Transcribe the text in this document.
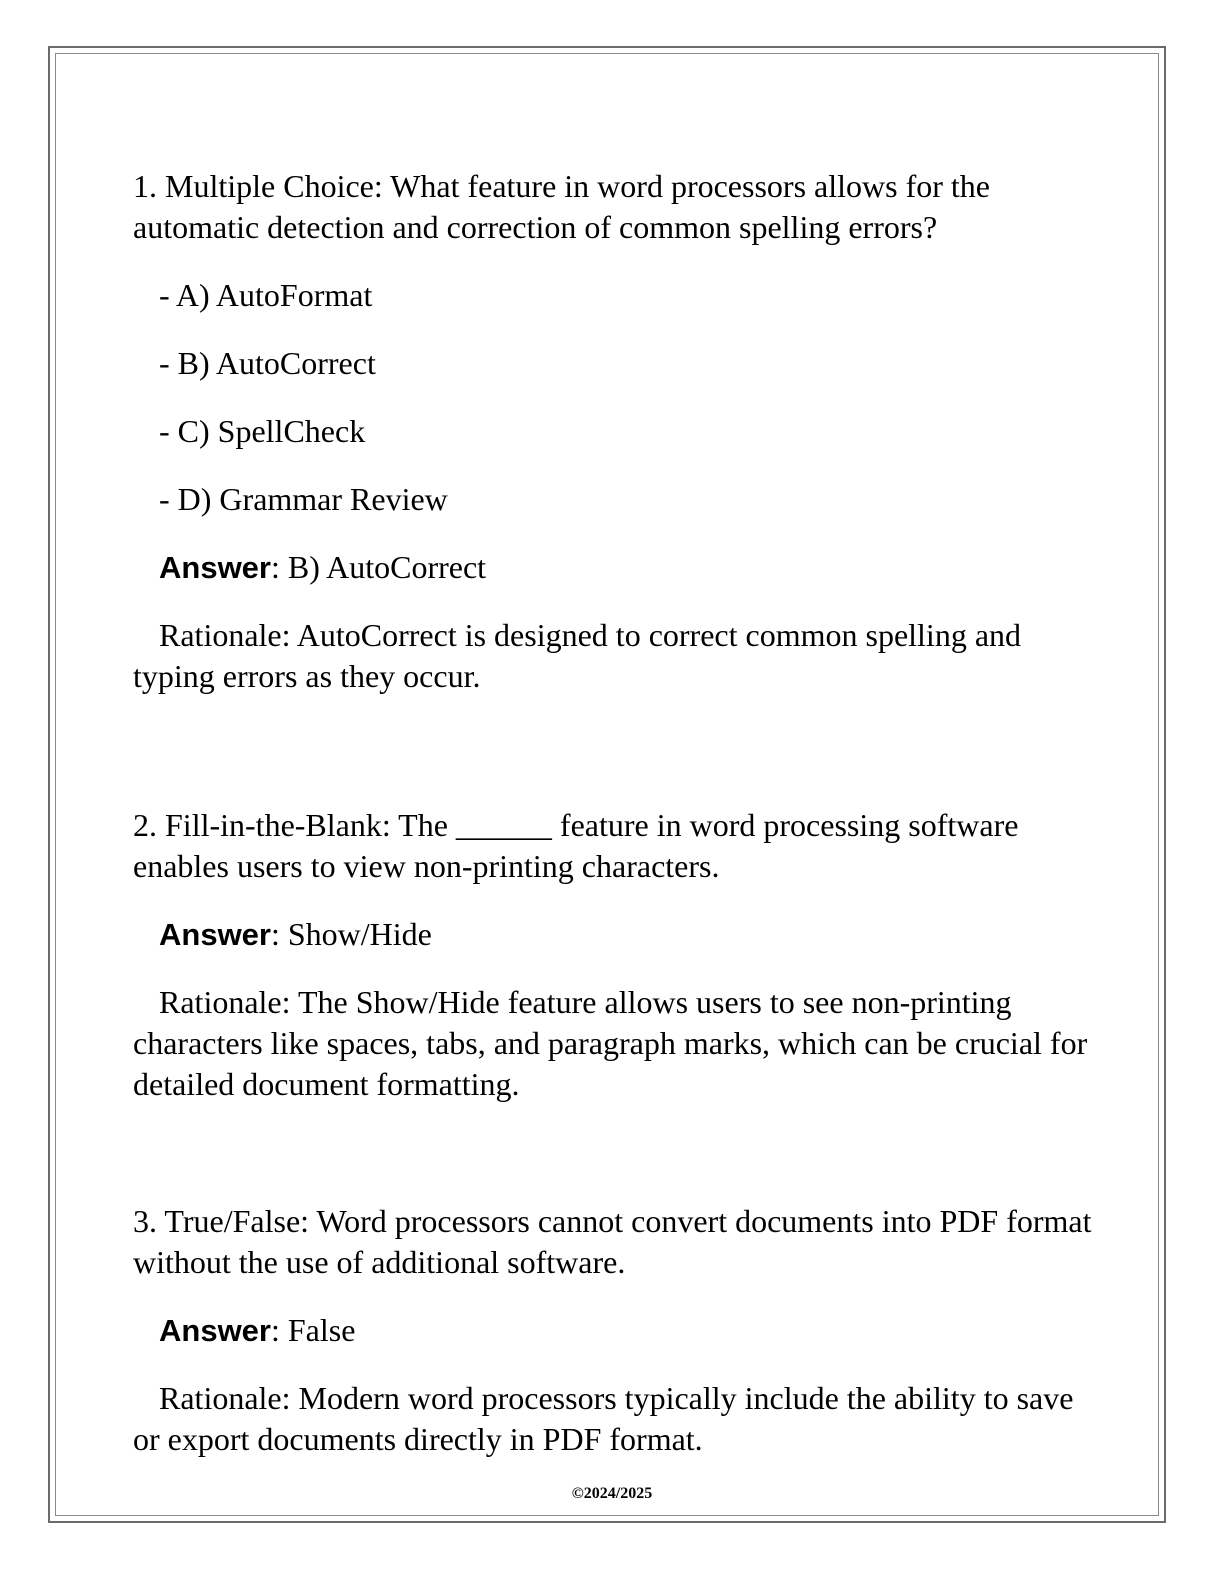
1. Multiple Choice: What feature in word processors allows for the automatic detection and correction of common spelling errors?

- A) AutoFormat

- B) AutoCorrect

- C) SpellCheck

- D) Grammar Review

Answer: B) AutoCorrect

Rationale: AutoCorrect is designed to correct common spelling and typing errors as they occur.

2. Fill-in-the-Blank: The ______ feature in word processing software enables users to view non-printing characters.

Answer: Show/Hide

Rationale: The Show/Hide feature allows users to see non-printing characters like spaces, tabs, and paragraph marks, which can be crucial for detailed document formatting.

3. True/False: Word processors cannot convert documents into PDF format without the use of additional software.

Answer: False

Rationale: Modern word processors typically include the ability to save or export documents directly in PDF format.

©2024/2025
